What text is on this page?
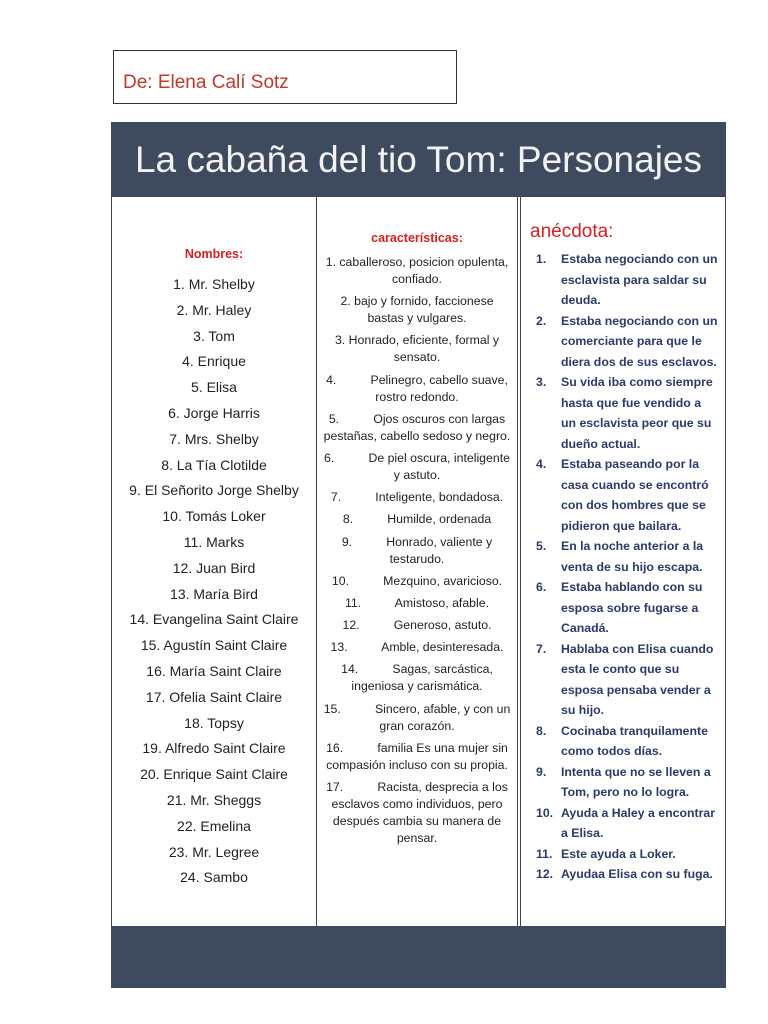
De: Elena Calí Sotz
La cabaña del tio Tom: Personajes
Nombres:
1. Mr. Shelby
2. Mr. Haley
3. Tom
4. Enrique
5. Elisa
6. Jorge Harris
7. Mrs. Shelby
8. La Tía Clotilde
9. El Señorito Jorge Shelby
10. Tomás Loker
11. Marks
12. Juan Bird
13. María Bird
14. Evangelina Saint Claire
15. Agustín Saint Claire
16. María Saint Claire
17. Ofelia Saint Claire
18. Topsy
19. Alfredo Saint Claire
20. Enrique Saint Claire
21. Mr. Sheggs
22. Emelina
23. Mr. Legree
24. Sambo
características:
1. caballeroso, posicion opulenta, confiado.
2. bajo y fornido, faccionese bastas y vulgares.
3. Honrado, eficiente, formal y sensato.
4.          Pelinegro, cabello suave, rostro redondo.
5.          Ojos oscuros con largas pestañas, cabello sedoso y negro.
6.          De piel oscura, inteligente y astuto.
7.          Inteligente, bondadosa.
8.          Humilde, ordenada
9.          Honrado, valiente y testarudo.
10.          Mezquino, avaricioso.
11.          Amistoso, afable.
12.          Generoso, astuto.
13.          Amble, desinteresada.
14.          Sagas, sarcástica, ingeniosa y carismática.
15.          Sincero, afable, y con un gran corazón.
16.          familia Es una mujer sin compasión incluso con su propia.
17.          Racista, desprecia a los esclavos como individuos, pero después cambia su manera de pensar.
anécdota:
1.	Estaba negociando con un esclavista para saldar su deuda.
2.	Estaba negociando con un comerciante para que le diera dos de sus esclavos.
3.	Su vida iba como siempre hasta que fue vendido a un esclavista peor que su dueño actual.
4.	Estaba paseando por la casa cuando se encontró con dos hombres que se pidieron que bailara.
5.	En la noche anterior a la venta de su hijo escapa.
6.	Estaba hablando con su esposa sobre fugarse a Canadá.
7.	Hablaba con Elisa cuando esta le conto que su esposa pensaba vender a su hijo.
8.	Cocinaba tranquilamente como todos días.
9.	Intenta que no se lleven a Tom, pero no lo logra.
10. Ayuda a Haley a encontrar a Elisa.
11. Este ayuda a Loker.
12. Ayudaa Elisa con su fuga.
